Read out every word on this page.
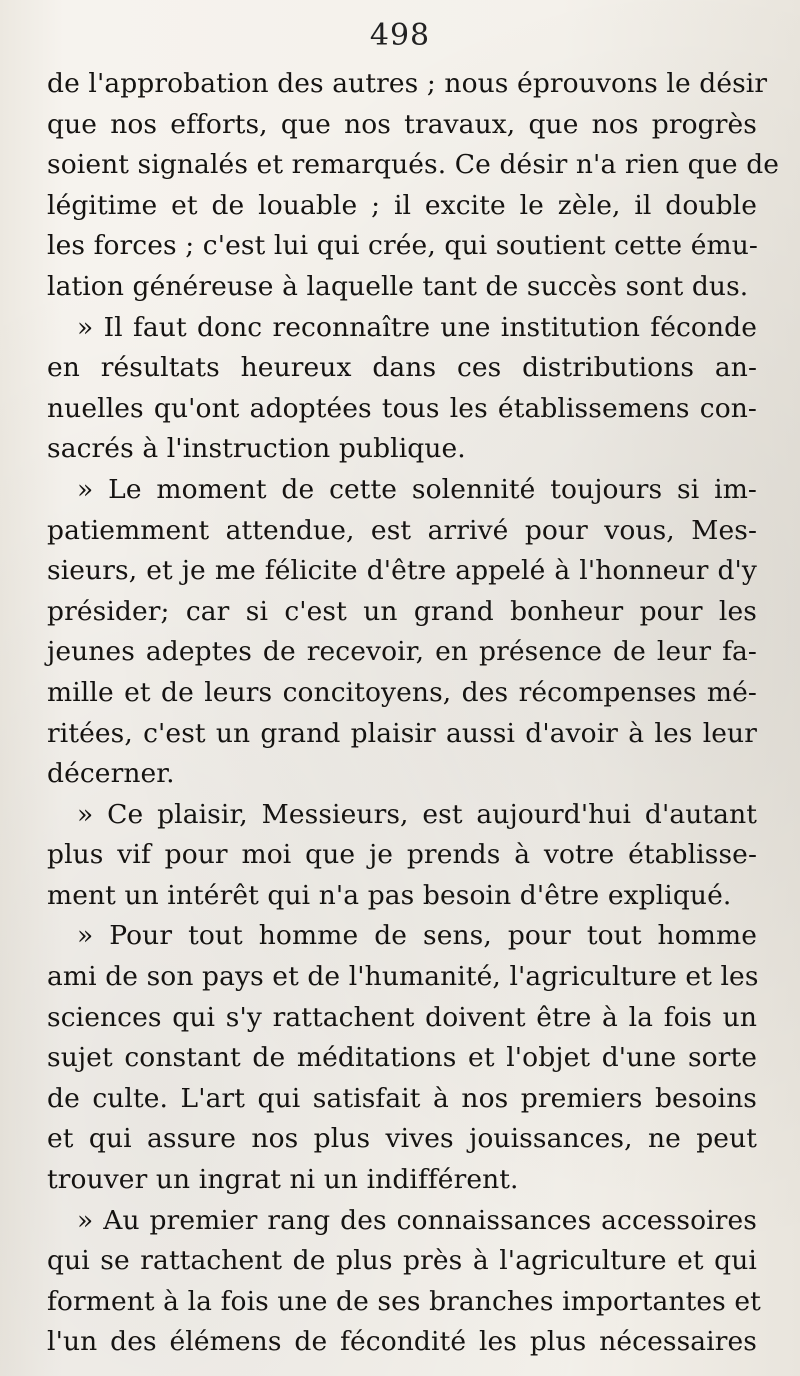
498
de l'approbation des autres ; nous éprouvons le désir
que nos efforts, que nos travaux, que nos progrès
soient signalés et remarqués. Ce désir n'a rien que de
légitime et de louable ; il excite le zèle, il double
les forces ; c'est lui qui crée, qui soutient cette ému-
lation généreuse à laquelle tant de succès sont dus.
» Il faut donc reconnaître une institution féconde
en résultats heureux dans ces distributions an-
nuelles qu'ont adoptées tous les établissemens con-
sacrés à l'instruction publique.
» Le moment de cette solennité toujours si im-
patiemment attendue, est arrivé pour vous, Mes-
sieurs, et je me félicite d'être appelé à l'honneur d'y
présider; car si c'est un grand bonheur pour les
jeunes adeptes de recevoir, en présence de leur fa-
mille et de leurs concitoyens, des récompenses mé-
ritées, c'est un grand plaisir aussi d'avoir à les leur
décerner.
» Ce plaisir, Messieurs, est aujourd'hui d'autant
plus vif pour moi que je prends à votre établisse-
ment un intérêt qui n'a pas besoin d'être expliqué.
» Pour tout homme de sens, pour tout homme
ami de son pays et de l'humanité, l'agriculture et les
sciences qui s'y rattachent doivent être à la fois un
sujet constant de méditations et l'objet d'une sorte
de culte. L'art qui satisfait à nos premiers besoins
et qui assure nos plus vives jouissances, ne peut
trouver un ingrat ni un indifférent.
» Au premier rang des connaissances accessoires
qui se rattachent de plus près à l'agriculture et qui
forment à la fois une de ses branches importantes et
l'un des élémens de fécondité les plus nécessaires
